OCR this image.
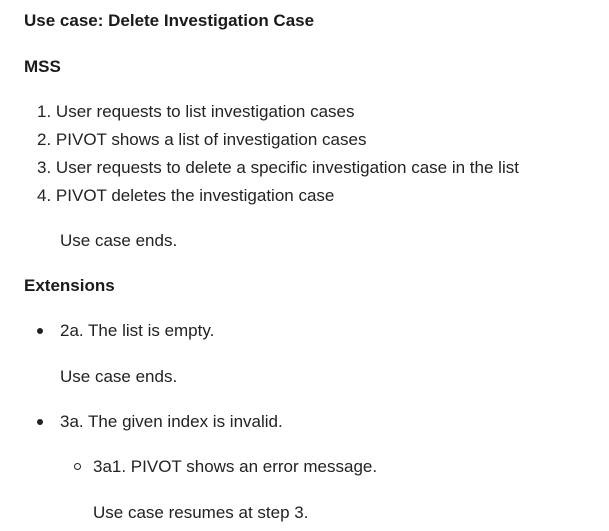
Use case: Delete Investigation Case
MSS
1. User requests to list investigation cases
2. PIVOT shows a list of investigation cases
3. User requests to delete a specific investigation case in the list
4. PIVOT deletes the investigation case
Use case ends.
Extensions
2a. The list is empty.
Use case ends.
3a. The given index is invalid.
3a1. PIVOT shows an error message.
Use case resumes at step 3.
